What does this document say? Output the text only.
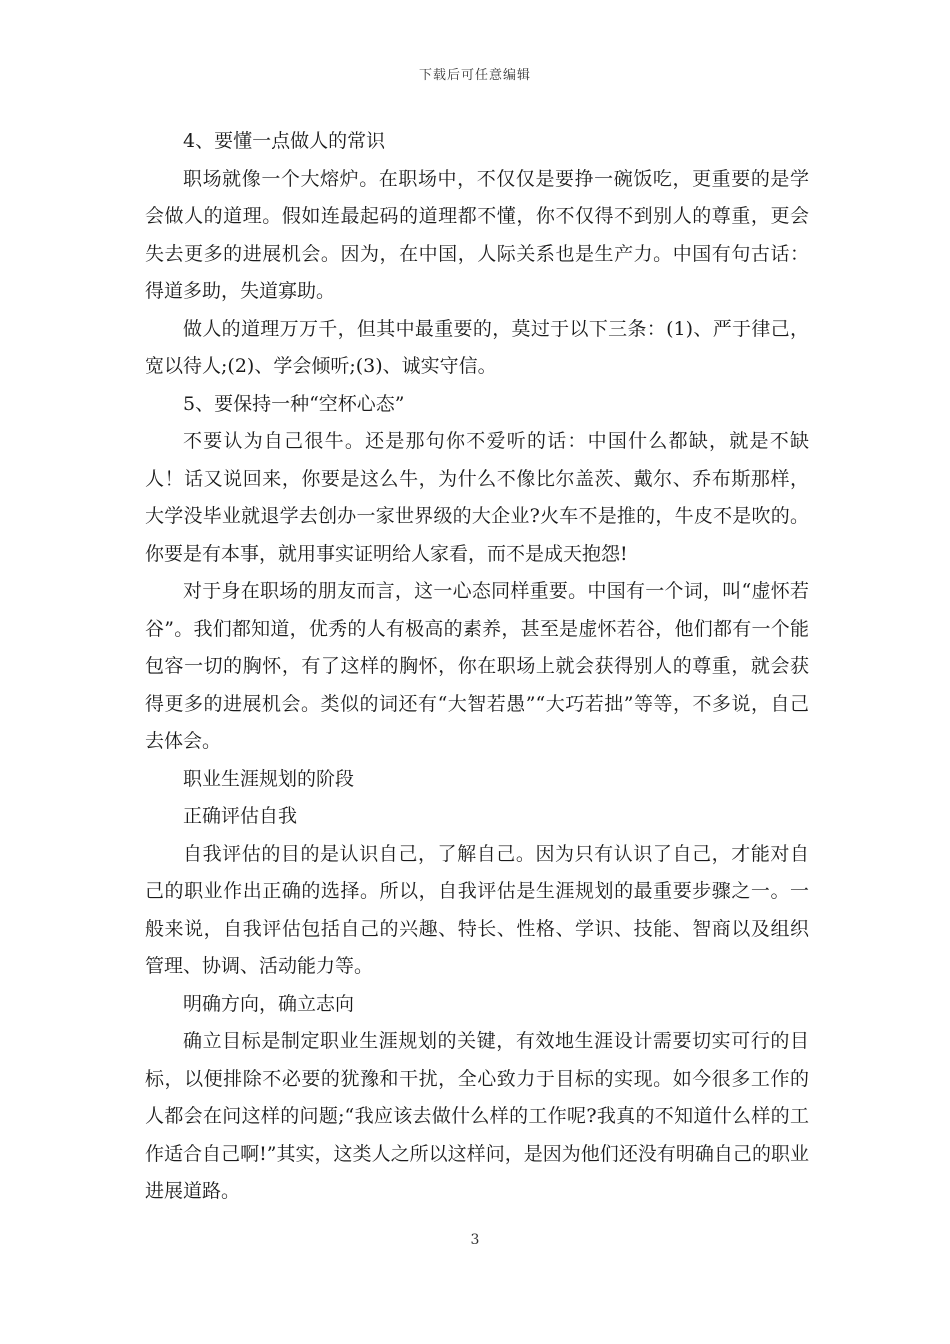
下载后可任意编辑

4、要懂一点做人的常识

职场就像一个大熔炉。在职场中，不仅仅是要挣一碗饭吃，更重要的是学会做人的道理。假如连最起码的道理都不懂，你不仅得不到别人的尊重，更会失去更多的进展机会。因为，在中国，人际关系也是生产力。中国有句古话：得道多助，失道寡助。

做人的道理万万千，但其中最重要的，莫过于以下三条：(1)、严于律己，宽以待人;(2)、学会倾听;(3)、诚实守信。

5、要保持一种“空杯心态”

不要认为自己很牛。还是那句你不爱听的话：中国什么都缺，就是不缺人！话又说回来，你要是这么牛，为什么不像比尔盖茨、戴尔、乔布斯那样，大学没毕业就退学去创办一家世界级的大企业?火车不是推的，牛皮不是吹的。你要是有本事，就用事实证明给人家看，而不是成天抱怨!

对于身在职场的朋友而言，这一心态同样重要。中国有一个词，叫“虚怀若谷”。我们都知道，优秀的人有极高的素养，甚至是虚怀若谷，他们都有一个能包容一切的胸怀，有了这样的胸怀，你在职场上就会获得别人的尊重，就会获得更多的进展机会。类似的词还有“大智若愚”“大巧若拙”等等，不多说，自己去体会。

职业生涯规划的阶段

正确评估自我

自我评估的目的是认识自己，了解自己。因为只有认识了自己，才能对自己的职业作出正确的选择。所以，自我评估是生涯规划的最重要步骤之一。一般来说，自我评估包括自己的兴趣、特长、性格、学识、技能、智商以及组织管理、协调、活动能力等。

明确方向，确立志向

确立目标是制定职业生涯规划的关键，有效地生涯设计需要切实可行的目标，以便排除不必要的犹豫和干扰，全心致力于目标的实现。如今很多工作的人都会在问这样的问题;“我应该去做什么样的工作呢?我真的不知道什么样的工作适合自己啊!”其实，这类人之所以这样问，是因为他们还没有明确自己的职业进展道路。

3
